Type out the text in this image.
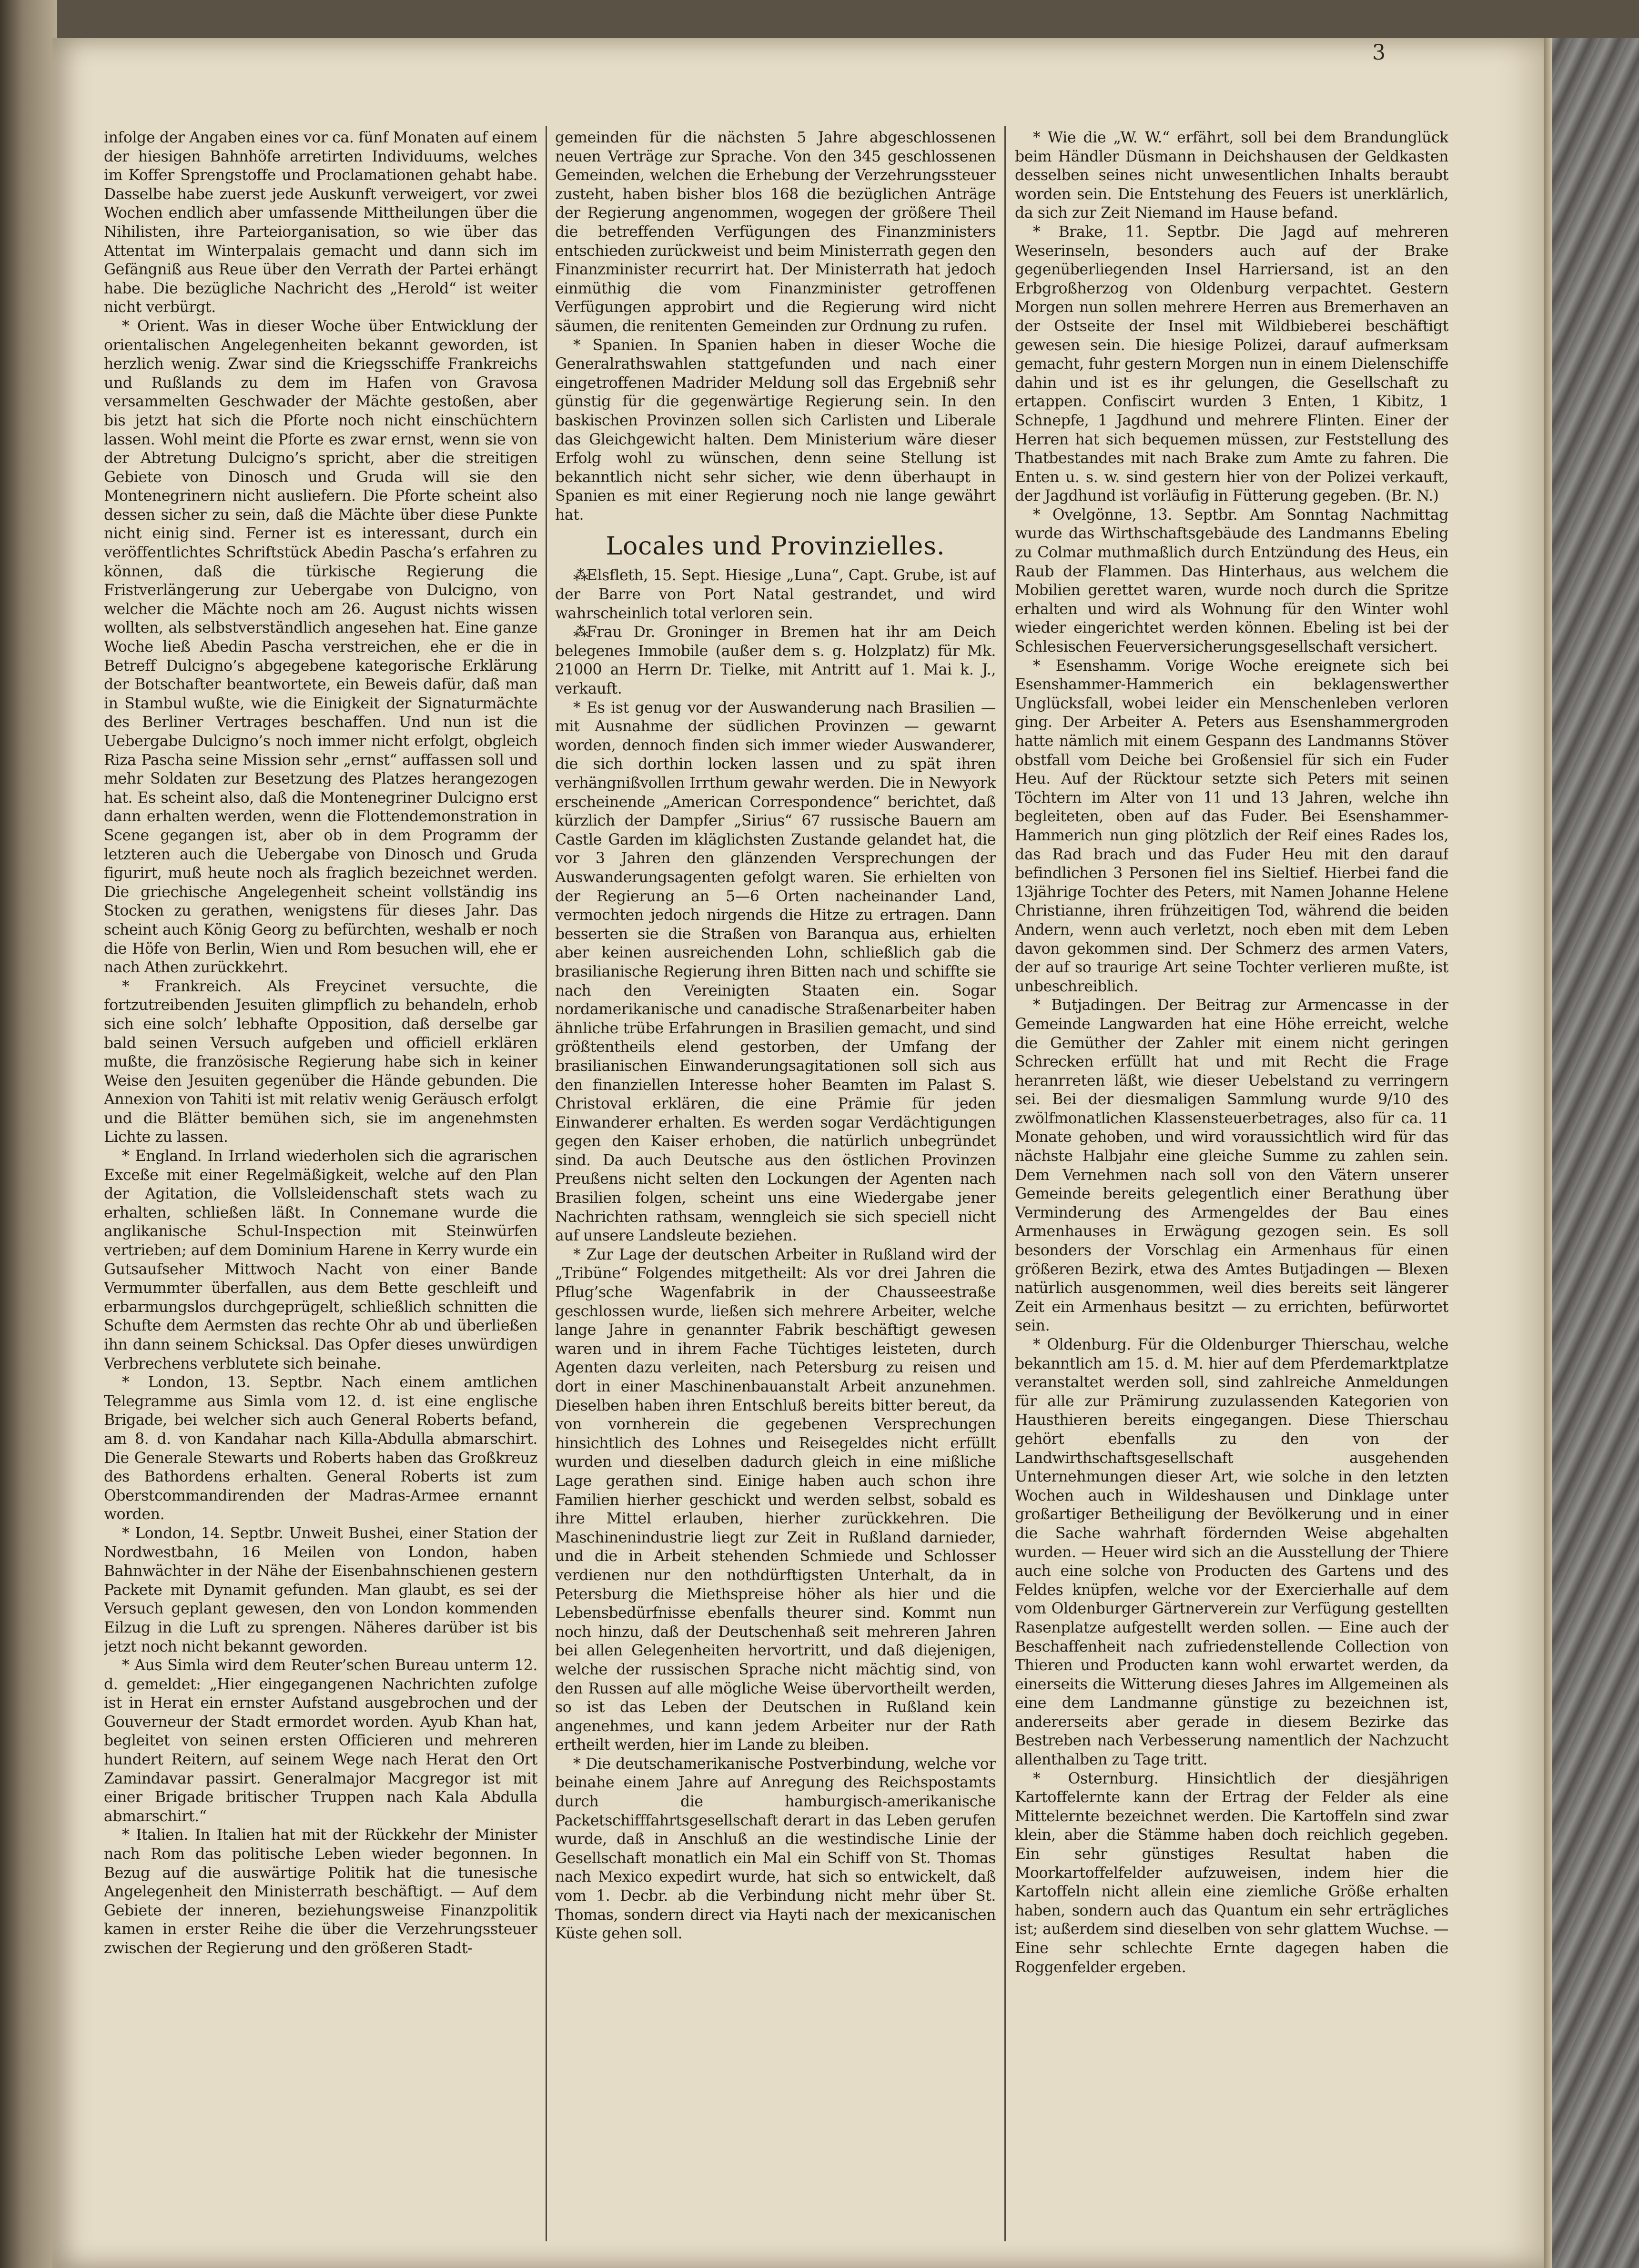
3

infolge der Angaben eines vor ca. fünf Monaten auf einem der hiesigen Bahnhöfe arretirten Individuums, welches im Koffer Sprengstoffe und Proclamationen gehabt habe. Dasselbe habe zuerst jede Auskunft verweigert, vor zwei Wochen endlich aber umfassende Mittheilungen über die Nihilisten, ihre Parteiorganisation, so wie über das Attentat im Winterpalais gemacht und dann sich im Gefängniß aus Reue über den Verrath der Partei erhängt habe. Die bezügliche Nachricht des „Herold“ ist weiter nicht verbürgt.

* Orient. Was in dieser Woche über Entwicklung der orientalischen Angelegenheiten bekannt geworden, ist herzlich wenig. Zwar sind die Kriegsschiffe Frankreichs und Rußlands zu dem im Hafen von Gravosa versammelten Geschwader der Mächte gestoßen, aber bis jetzt hat sich die Pforte noch nicht einschüchtern lassen. Wohl meint die Pforte es zwar ernst, wenn sie von der Abtretung Dulcigno’s spricht, aber die streitigen Gebiete von Dinosch und Gruda will sie den Montenegrinern nicht ausliefern. Die Pforte scheint also dessen sicher zu sein, daß die Mächte über diese Punkte nicht einig sind. Ferner ist es interessant, durch ein veröffentlichtes Schriftstück Abedin Pascha’s erfahren zu können, daß die türkische Regierung die Fristverlängerung zur Uebergabe von Dulcigno, von welcher die Mächte noch am 26. August nichts wissen wollten, als selbstverständlich angesehen hat. Eine ganze Woche ließ Abedin Pascha verstreichen, ehe er die in Betreff Dulcigno’s abgegebene kategorische Erklärung der Botschafter beantwortete, ein Beweis dafür, daß man in Stambul wußte, wie die Einigkeit der Signaturmächte des Berliner Vertrages beschaffen. Und nun ist die Uebergabe Dulcigno’s noch immer nicht erfolgt, obgleich Riza Pascha seine Mission sehr „ernst“ auffassen soll und mehr Soldaten zur Besetzung des Platzes herangezogen hat. Es scheint also, daß die Montenegriner Dulcigno erst dann erhalten werden, wenn die Flottendemonstration in Scene gegangen ist, aber ob in dem Programm der letzteren auch die Uebergabe von Dinosch und Gruda figurirt, muß heute noch als fraglich bezeichnet werden. Die griechische Angelegenheit scheint vollständig ins Stocken zu gerathen, wenigstens für dieses Jahr. Das scheint auch König Georg zu befürchten, weshalb er noch die Höfe von Berlin, Wien und Rom besuchen will, ehe er nach Athen zurückkehrt.

* Frankreich. Als Freycinet versuchte, die fortzutreibenden Jesuiten glimpflich zu behandeln, erhob sich eine solch’ lebhafte Opposition, daß derselbe gar bald seinen Versuch aufgeben und officiell erklären mußte, die französische Regierung habe sich in keiner Weise den Jesuiten gegenüber die Hände gebunden. Die Annexion von Tahiti ist mit relativ wenig Geräusch erfolgt und die Blätter bemühen sich, sie im angenehmsten Lichte zu lassen.

* England. In Irrland wiederholen sich die agrarischen Exceße mit einer Regelmäßigkeit, welche auf den Plan der Agitation, die Vollsleidenschaft stets wach zu erhalten, schließen läßt. In Connemane wurde die anglikanische Schul-Inspection mit Steinwürfen vertrieben; auf dem Dominium Harene in Kerry wurde ein Gutsaufseher Mittwoch Nacht von einer Bande Vermummter überfallen, aus dem Bette geschleift und erbarmungslos durchgeprügelt, schließlich schnitten die Schufte dem Aermsten das rechte Ohr ab und überließen ihn dann seinem Schicksal. Das Opfer dieses unwürdigen Verbrechens verblutete sich beinahe.

* London, 13. Septbr. Nach einem amtlichen Telegramme aus Simla vom 12. d. ist eine englische Brigade, bei welcher sich auch General Roberts befand, am 8. d. von Kandahar nach Killa-Abdulla abmarschirt. Die Generale Stewarts und Roberts haben das Großkreuz des Bathordens erhalten. General Roberts ist zum Oberstcommandirenden der Madras-Armee ernannt worden.

* London, 14. Septbr. Unweit Bushei, einer Station der Nordwestbahn, 16 Meilen von London, haben Bahnwächter in der Nähe der Eisenbahnschienen gestern Packete mit Dynamit gefunden. Man glaubt, es sei der Versuch geplant gewesen, den von London kommenden Eilzug in die Luft zu sprengen. Näheres darüber ist bis jetzt noch nicht bekannt geworden.

* Aus Simla wird dem Reuter’schen Bureau unterm 12. d. gemeldet: „Hier eingegangenen Nachrichten zufolge ist in Herat ein ernster Aufstand ausgebrochen und der Gouverneur der Stadt ermordet worden. Ayub Khan hat, begleitet von seinen ersten Officieren und mehreren hundert Reitern, auf seinem Wege nach Herat den Ort Zamindavar passirt. Generalmajor Macgregor ist mit einer Brigade britischer Truppen nach Kala Abdulla abmarschirt.“

* Italien. In Italien hat mit der Rückkehr der Minister nach Rom das politische Leben wieder begonnen. In Bezug auf die auswärtige Politik hat die tunesische Angelegenheit den Ministerrath beschäftigt. — Auf dem Gebiete der inneren, beziehungsweise Finanzpolitik kamen in erster Reihe die über die Verzehrungssteuer zwischen der Regierung und den größeren Stadt-

gemeinden für die nächsten 5 Jahre abgeschlossenen neuen Verträge zur Sprache. Von den 345 geschlossenen Gemeinden, welchen die Erhebung der Verzehrungssteuer zusteht, haben bisher blos 168 die bezüglichen Anträge der Regierung angenommen, wogegen der größere Theil die betreffenden Verfügungen des Finanzministers entschieden zurückweist und beim Ministerrath gegen den Finanzminister recurrirt hat. Der Ministerrath hat jedoch einmüthig die vom Finanzminister getroffenen Verfügungen approbirt und die Regierung wird nicht säumen, die renitenten Gemeinden zur Ordnung zu rufen.

* Spanien. In Spanien haben in dieser Woche die Generalrathswahlen stattgefunden und nach einer eingetroffenen Madrider Meldung soll das Ergebniß sehr günstig für die gegenwärtige Regierung sein. In den baskischen Provinzen sollen sich Carlisten und Liberale das Gleichgewicht halten. Dem Ministerium wäre dieser Erfolg wohl zu wünschen, denn seine Stellung ist bekanntlich nicht sehr sicher, wie denn überhaupt in Spanien es mit einer Regierung noch nie lange gewährt hat.

Locales und Provinzielles.

⁂Elsfleth, 15. Sept. Hiesige „Luna“, Capt. Grube, ist auf der Barre von Port Natal gestrandet, und wird wahrscheinlich total verloren sein.

⁂Frau Dr. Groninger in Bremen hat ihr am Deich belegenes Immobile (außer dem s. g. Holzplatz) für Mk. 21000 an Herrn Dr. Tielke, mit Antritt auf 1. Mai k. J., verkauft.

* Es ist genug vor der Auswanderung nach Brasilien — mit Ausnahme der südlichen Provinzen — gewarnt worden, dennoch finden sich immer wieder Auswanderer, die sich dorthin locken lassen und zu spät ihren verhängnißvollen Irrthum gewahr werden. Die in Newyork erscheinende „American Correspondence“ berichtet, daß kürzlich der Dampfer „Sirius“ 67 russische Bauern am Castle Garden im kläglichsten Zustande gelandet hat, die vor 3 Jahren den glänzenden Versprechungen der Auswanderungsagenten gefolgt waren. Sie erhielten von der Regierung an 5—6 Orten nacheinander Land, vermochten jedoch nirgends die Hitze zu ertragen. Dann besserten sie die Straßen von Baranqua aus, erhielten aber keinen ausreichenden Lohn, schließlich gab die brasilianische Regierung ihren Bitten nach und schiffte sie nach den Vereinigten Staaten ein. Sogar nordamerikanische und canadische Straßenarbeiter haben ähnliche trübe Erfahrungen in Brasilien gemacht, und sind größtentheils elend gestorben, der Umfang der brasilianischen Einwanderungsagitationen soll sich aus den finanziellen Interesse hoher Beamten im Palast S. Christoval erklären, die eine Prämie für jeden Einwanderer erhalten. Es werden sogar Verdächtigungen gegen den Kaiser erhoben, die natürlich unbegründet sind. Da auch Deutsche aus den östlichen Provinzen Preußens nicht selten den Lockungen der Agenten nach Brasilien folgen, scheint uns eine Wiedergabe jener Nachrichten rathsam, wenngleich sie sich speciell nicht auf unsere Landsleute beziehen.

* Zur Lage der deutschen Arbeiter in Rußland wird der „Tribüne“ Folgendes mitgetheilt: Als vor drei Jahren die Pflug’sche Wagenfabrik in der Chausseestraße geschlossen wurde, ließen sich mehrere Arbeiter, welche lange Jahre in genannter Fabrik beschäftigt gewesen waren und in ihrem Fache Tüchtiges leisteten, durch Agenten dazu verleiten, nach Petersburg zu reisen und dort in einer Maschinenbauanstalt Arbeit anzunehmen. Dieselben haben ihren Entschluß bereits bitter bereut, da von vornherein die gegebenen Versprechungen hinsichtlich des Lohnes und Reisegeldes nicht erfüllt wurden und dieselben dadurch gleich in eine mißliche Lage gerathen sind. Einige haben auch schon ihre Familien hierher geschickt und werden selbst, sobald es ihre Mittel erlauben, hierher zurückkehren. Die Maschinenindustrie liegt zur Zeit in Rußland darnieder, und die in Arbeit stehenden Schmiede und Schlosser verdienen nur den nothdürftigsten Unterhalt, da in Petersburg die Miethspreise höher als hier und die Lebensbedürfnisse ebenfalls theurer sind. Kommt nun noch hinzu, daß der Deutschenhaß seit mehreren Jahren bei allen Gelegenheiten hervortritt, und daß diejenigen, welche der russischen Sprache nicht mächtig sind, von den Russen auf alle mögliche Weise übervortheilt werden, so ist das Leben der Deutschen in Rußland kein angenehmes, und kann jedem Arbeiter nur der Rath ertheilt werden, hier im Lande zu bleiben.

* Die deutschamerikanische Postverbindung, welche vor beinahe einem Jahre auf Anregung des Reichspostamts durch die hamburgisch-amerikanische Packetschifffahrtsgesellschaft derart in das Leben gerufen wurde, daß in Anschluß an die westindische Linie der Gesellschaft monatlich ein Mal ein Schiff von St. Thomas nach Mexico expedirt wurde, hat sich so entwickelt, daß vom 1. Decbr. ab die Verbindung nicht mehr über St. Thomas, sondern direct via Hayti nach der mexicanischen Küste gehen soll.

* Wie die „W. W.“ erfährt, soll bei dem Brandunglück beim Händler Düsmann in Deichshausen der Geldkasten desselben seines nicht unwesentlichen Inhalts beraubt worden sein. Die Entstehung des Feuers ist unerklärlich, da sich zur Zeit Niemand im Hause befand.

* Brake, 11. Septbr. Die Jagd auf mehreren Weserinseln, besonders auch auf der Brake gegenüberliegenden Insel Harriersand, ist an den Erbgroßherzog von Oldenburg verpachtet. Gestern Morgen nun sollen mehrere Herren aus Bremerhaven an der Ostseite der Insel mit Wildbieberei beschäftigt gewesen sein. Die hiesige Polizei, darauf aufmerksam gemacht, fuhr gestern Morgen nun in einem Dielenschiffe dahin und ist es ihr gelungen, die Gesellschaft zu ertappen. Confiscirt wurden 3 Enten, 1 Kibitz, 1 Schnepfe, 1 Jagdhund und mehrere Flinten. Einer der Herren hat sich bequemen müssen, zur Feststellung des Thatbestandes mit nach Brake zum Amte zu fahren. Die Enten u. s. w. sind gestern hier von der Polizei verkauft, der Jagdhund ist vorläufig in Fütterung gegeben. (Br. N.)

* Ovelgönne, 13. Septbr. Am Sonntag Nachmittag wurde das Wirthschaftsgebäude des Landmanns Ebeling zu Colmar muthmaßlich durch Entzündung des Heus, ein Raub der Flammen. Das Hinterhaus, aus welchem die Mobilien gerettet waren, wurde noch durch die Spritze erhalten und wird als Wohnung für den Winter wohl wieder eingerichtet werden können. Ebeling ist bei der Schlesischen Feuerversicherungsgesellschaft versichert.

* Esenshamm. Vorige Woche ereignete sich bei Esenshammer-Hammerich ein beklagenswerther Unglücksfall, wobei leider ein Menschenleben verloren ging. Der Arbeiter A. Peters aus Esenshammergroden hatte nämlich mit einem Gespann des Landmanns Stöver obstfall vom Deiche bei Großensiel für sich ein Fuder Heu. Auf der Rücktour setzte sich Peters mit seinen Töchtern im Alter von 11 und 13 Jahren, welche ihn begleiteten, oben auf das Fuder. Bei Esenshammer-Hammerich nun ging plötzlich der Reif eines Rades los, das Rad brach und das Fuder Heu mit den darauf befindlichen 3 Personen fiel ins Sieltief. Hierbei fand die 13jährige Tochter des Peters, mit Namen Johanne Helene Christianne, ihren frühzeitigen Tod, während die beiden Andern, wenn auch verletzt, noch eben mit dem Leben davon gekommen sind. Der Schmerz des armen Vaters, der auf so traurige Art seine Tochter verlieren mußte, ist unbeschreiblich.

* Butjadingen. Der Beitrag zur Armencasse in der Gemeinde Langwarden hat eine Höhe erreicht, welche die Gemüther der Zahler mit einem nicht geringen Schrecken erfüllt hat und mit Recht die Frage heranrreten läßt, wie dieser Uebelstand zu verringern sei. Bei der diesmaligen Sammlung wurde 9/10 des zwölfmonatlichen Klassensteuerbetrages, also für ca. 11 Monate gehoben, und wird voraussichtlich wird für das nächste Halbjahr eine gleiche Summe zu zahlen sein. Dem Vernehmen nach soll von den Vätern unserer Gemeinde bereits gelegentlich einer Berathung über Verminderung des Armengeldes der Bau eines Armenhauses in Erwägung gezogen sein. Es soll besonders der Vorschlag ein Armenhaus für einen größeren Bezirk, etwa des Amtes Butjadingen — Blexen natürlich ausgenommen, weil dies bereits seit längerer Zeit ein Armenhaus besitzt — zu errichten, befürwortet sein.

* Oldenburg. Für die Oldenburger Thierschau, welche bekanntlich am 15. d. M. hier auf dem Pferdemarktplatze veranstaltet werden soll, sind zahlreiche Anmeldungen für alle zur Prämirung zuzulassenden Kategorien von Hausthieren bereits eingegangen. Diese Thierschau gehört ebenfalls zu den von der Landwirthschaftsgesellschaft ausgehenden Unternehmungen dieser Art, wie solche in den letzten Wochen auch in Wildeshausen und Dinklage unter großartiger Betheiligung der Bevölkerung und in einer die Sache wahrhaft fördernden Weise abgehalten wurden. — Heuer wird sich an die Ausstellung der Thiere auch eine solche von Producten des Gartens und des Feldes knüpfen, welche vor der Exercierhalle auf dem vom Oldenburger Gärtnerverein zur Verfügung gestellten Rasenplatze aufgestellt werden sollen. — Eine auch der Beschaffenheit nach zufriedenstellende Collection von Thieren und Producten kann wohl erwartet werden, da einerseits die Witterung dieses Jahres im Allgemeinen als eine dem Landmanne günstige zu bezeichnen ist, andererseits aber gerade in diesem Bezirke das Bestreben nach Verbesserung namentlich der Nachzucht allenthalben zu Tage tritt.

* Osternburg. Hinsichtlich der diesjährigen Kartoffelernte kann der Ertrag der Felder als eine Mittelernte bezeichnet werden. Die Kartoffeln sind zwar klein, aber die Stämme haben doch reichlich gegeben. Ein sehr günstiges Resultat haben die Moorkartoffelfelder aufzuweisen, indem hier die Kartoffeln nicht allein eine ziemliche Größe erhalten haben, sondern auch das Quantum ein sehr erträgliches ist; außerdem sind dieselben von sehr glattem Wuchse. — Eine sehr schlechte Ernte dagegen haben die Roggenfelder ergeben.
